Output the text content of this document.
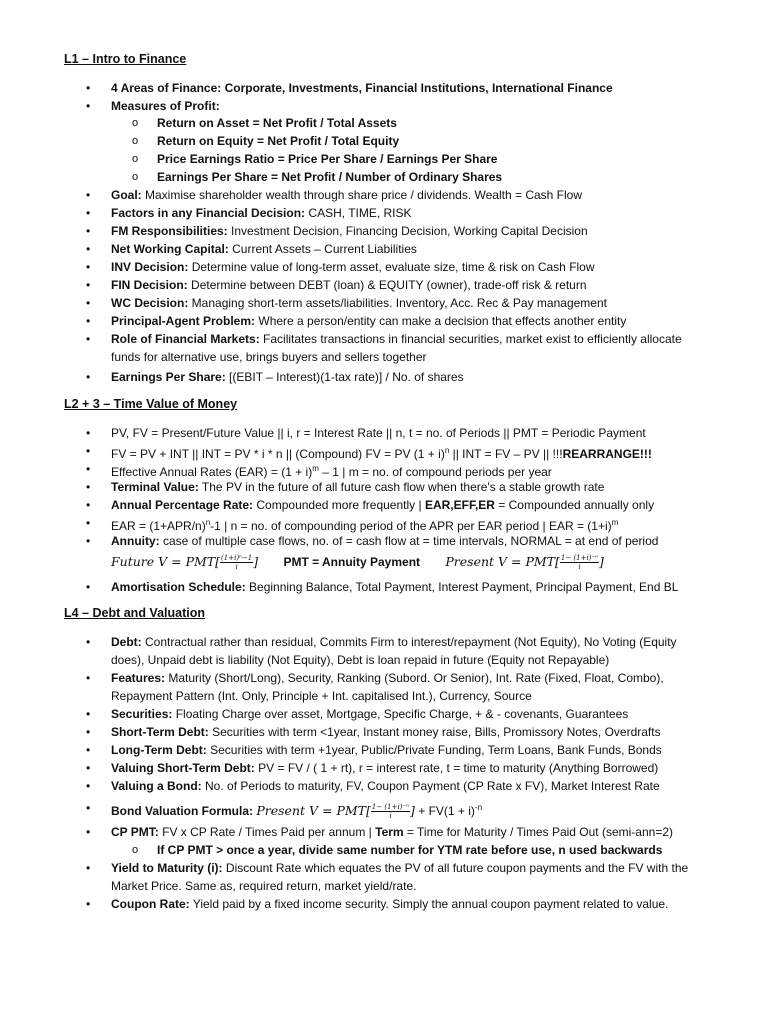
L1 – Intro to Finance
•	4 Areas of Finance: Corporate, Investments, Financial Institutions, International Finance
•	Measures of Profit:
o	Return on Asset = Net Profit / Total Assets
o	Return on Equity = Net Profit / Total Equity
o	Price Earnings Ratio = Price Per Share / Earnings Per Share
o	Earnings Per Share = Net Profit / Number of Ordinary Shares
•	Goal: Maximise shareholder wealth through share price / dividends. Wealth = Cash Flow
•	Factors in any Financial Decision: CASH, TIME, RISK
•	FM Responsibilities: Investment Decision, Financing Decision, Working Capital Decision
•	Net Working Capital: Current Assets – Current Liabilities
•	INV Decision: Determine value of long-term asset, evaluate size, time & risk on Cash Flow
•	FIN Decision: Determine between DEBT (loan) & EQUITY (owner), trade-off risk & return
•	WC Decision: Managing short-term assets/liabilities. Inventory, Acc. Rec & Pay management
•	Principal-Agent Problem: Where a person/entity can make a decision that effects another entity
•	Role of Financial Markets: Facilitates transactions in financial securities, market exist to efficiently allocate funds for alternative use, brings buyers and sellers together
•	Earnings Per Share: [(EBIT – Interest)(1-tax rate)] / No. of shares
L2 + 3 – Time Value of Money
•	PV, FV = Present/Future Value || i, r = Interest Rate || n, t = no. of Periods || PMT = Periodic Payment
•	FV = PV + INT || INT = PV * i * n || (Compound) FV = PV $(1 + i)^n$ || INT = FV – PV || !!!REARRANGE!!!
•	Effective Annual Rates $(EAR) = (1 + i)^m - 1$ | m = no. of compound periods per year
•	Terminal Value: The PV in the future of all future cash flow when there's a stable growth rate
•	Annual Percentage Rate: Compounded more frequently | EAR,EFF,ER = Compounded annually only
•	EAR = $(1+APR/n)^n-1$ | n = no. of compounding period of the APR per EAR period | EAR = $(1+i)^m$
•	Annuity: case of multiple case flows, no. of = cash flow at = time intervals, NORMAL = at end of period
Future $V = PMT[ \frac{\text{(1+i)ⁿ−1}}{i}$ ] PMT = Annuity Payment Present $V = PMT[ \frac{\text{1− (1+i)⁻ⁿ}}{i}$ ]
•	Amortisation Schedule: Beginning Balance, Total Payment, Interest Payment, Principal Payment, End BL
L4 – Debt and Valuation
•	Debt: Contractual rather than residual, Commits Firm to interest/repayment (Not Equity), No Voting (Equity does), Unpaid debt is liability (Not Equity), Debt is loan repaid in future (Equity not Repayable)
•	Features: Maturity (Short/Long), Security, Ranking (Subord. Or Senior), Int. Rate (Fixed, Float, Combo), Repayment Pattern (Int. Only, Principle + Int. capitalised Int.), Currency, Source
•	Securities: Floating Charge over asset, Mortgage, Specific Charge, + & - covenants, Guarantees
•	Short-Term Debt: Securities with term <1year, Instant money raise, Bills, Promissory Notes, Overdrafts
•	Long-Term Debt: Securities with term +1year, Public/Private Funding, Term Loans, Bank Funds, Bonds
•	Valuing Short-Term Debt: PV = FV / ( 1 + rt), r = interest rate, t = time to maturity (Anything Borrowed)
•	Valuing a Bond: No. of Periods to maturity, FV, Coupon Payment (CP Rate x FV), Market Interest Rate
•	Bond Valuation Formula: Present $V = PMT[ \frac{\text{1− (1+i)⁻ⁿ}}{i}$ ] + $FV(1 + i)^{-n}$
•	CP PMT: FV x CP Rate / Times Paid per annum | Term = Time for Maturity / Times Paid Out (semi-ann=2)
o	If CP PMT > once a year, divide same number for YTM rate before use, n used backwards
•	Yield to Maturity (i): Discount Rate which equates the PV of all future coupon payments and the FV with the Market Price. Same as, required return, market yield/rate.
•	Coupon Rate: Yield paid by a fixed income security. Simply the annual coupon payment related to value.
